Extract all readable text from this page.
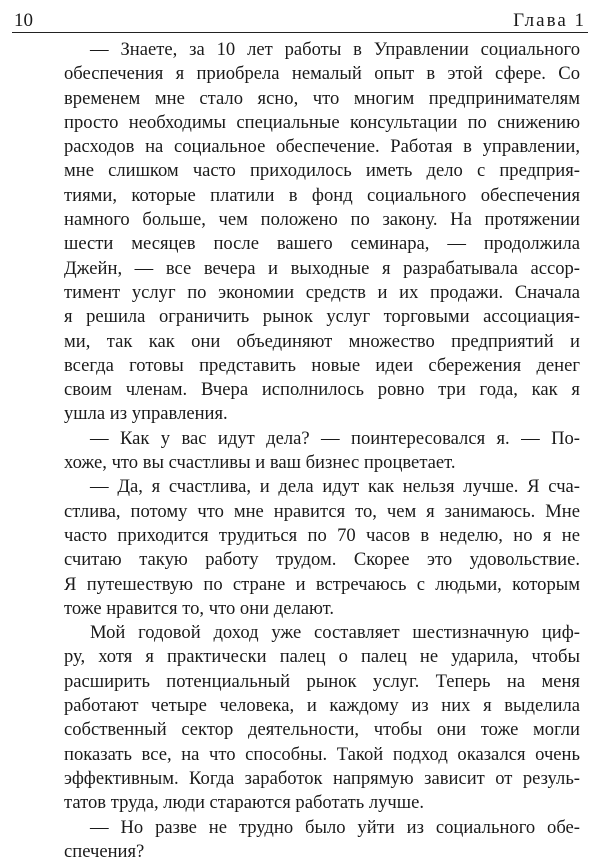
10	Глава 1
— Знаете, за 10 лет работы в Управлении социального
обеспечения я приобрела немалый опыт в этой сфере. Со
временем мне стало ясно, что многим предпринимателям
просто необходимы специальные консультации по снижению
расходов на социальное обеспечение. Работая в управлении,
мне слишком часто приходилось иметь дело с предприя-
тиями, которые платили в фонд социального обеспечения
намного больше, чем положено по закону. На протяжении
шести месяцев после вашего семинара, — продолжила
Джейн, — все вечера и выходные я разрабатывала ассор-
тимент услуг по экономии средств и их продажи. Сначала
я решила ограничить рынок услуг торговыми ассоциация-
ми, так как они объединяют множество предприятий и
всегда готовы представить новые идеи сбережения денег
своим членам. Вчера исполнилось ровно три года, как я
ушла из управления.
— Как у вас идут дела? — поинтересовался я. — По-
хоже, что вы счастливы и ваш бизнес процветает.
— Да, я счастлива, и дела идут как нельзя лучше. Я сча-
стлива, потому что мне нравится то, чем я занимаюсь. Мне
часто приходится трудиться по 70 часов в неделю, но я не
считаю такую работу трудом. Скорее это удовольствие.
Я путешествую по стране и встречаюсь с людьми, которым
тоже нравится то, что они делают.
Мой годовой доход уже составляет шестизначную циф-
ру, хотя я практически палец о палец не ударила, чтобы
расширить потенциальный рынок услуг. Теперь на меня
работают четыре человека, и каждому из них я выделила
собственный сектор деятельности, чтобы они тоже могли
показать все, на что способны. Такой подход оказался очень
эффективным. Когда заработок напрямую зависит от резуль-
татов труда, люди стараются работать лучше.
— Но разве не трудно было уйти из социального обе-
спечения?
